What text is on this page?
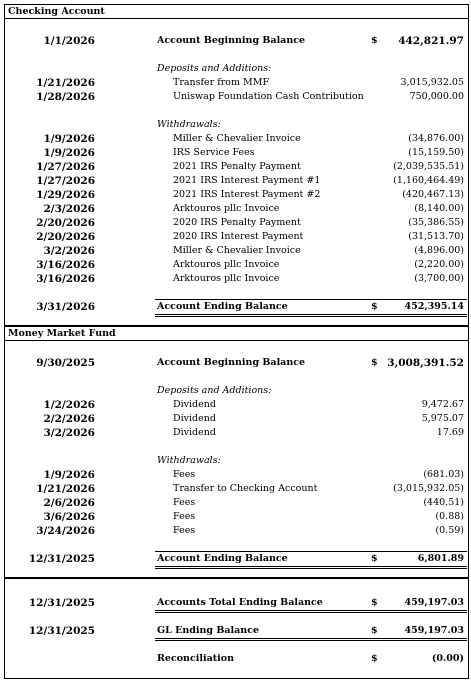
Checking Account
1/1/2026	Account Beginning Balance	$ 442,821.97
Deposits and Additions:
1/21/2026	Transfer from MMF	3,015,932.05
1/28/2026	Uniswap Foundation Cash Contribution	750,000.00
Withdrawals:
1/9/2026	Miller & Chevalier Invoice	(34,876.00)
1/9/2026	IRS Service Fees	(15,159.50)
1/27/2026	2021 IRS Penalty Payment	(2,039,535.51)
1/27/2026	2021 IRS Interest Payment #1	(1,160,464.49)
1/29/2026	2021 IRS Interest Payment #2	(420,467.13)
2/3/2026	Arktouros pllc Invoice	(8,140.00)
2/20/2026	2020 IRS Penalty Payment	(35,386.55)
2/20/2026	2020 IRS Interest Payment	(31,513.70)
3/2/2026	Miller & Chevalier Invoice	(4,896.00)
3/16/2026	Arktouros pllc Invoice	(2,220.00)
3/16/2026	Arktouros pllc Invoice	(3,700.00)
3/31/2026	Account Ending Balance	$	452,395.14
Money Market Fund
9/30/2025	Account Beginning Balance	$ 3,008,391.52
Deposits and Additions:
1/2/2026	Dividend	9,472.67
2/2/2026	Dividend	5,975.07
3/2/2026	Dividend	17.69
Withdrawals:
1/9/2026	Fees	(681.03)
1/21/2026	Transfer to Checking Account	(3,015,932.05)
2/6/2026	Fees	(440.51)
3/6/2026	Fees	(0.88)
3/24/2026	Fees	(0.59)
12/31/2025	Account Ending Balance	$	6,801.89
12/31/2025	Accounts Total Ending Balance	$	459,197.03
12/31/2025	GL Ending Balance	$	459,197.03
Reconciliation	$	(0.00)
